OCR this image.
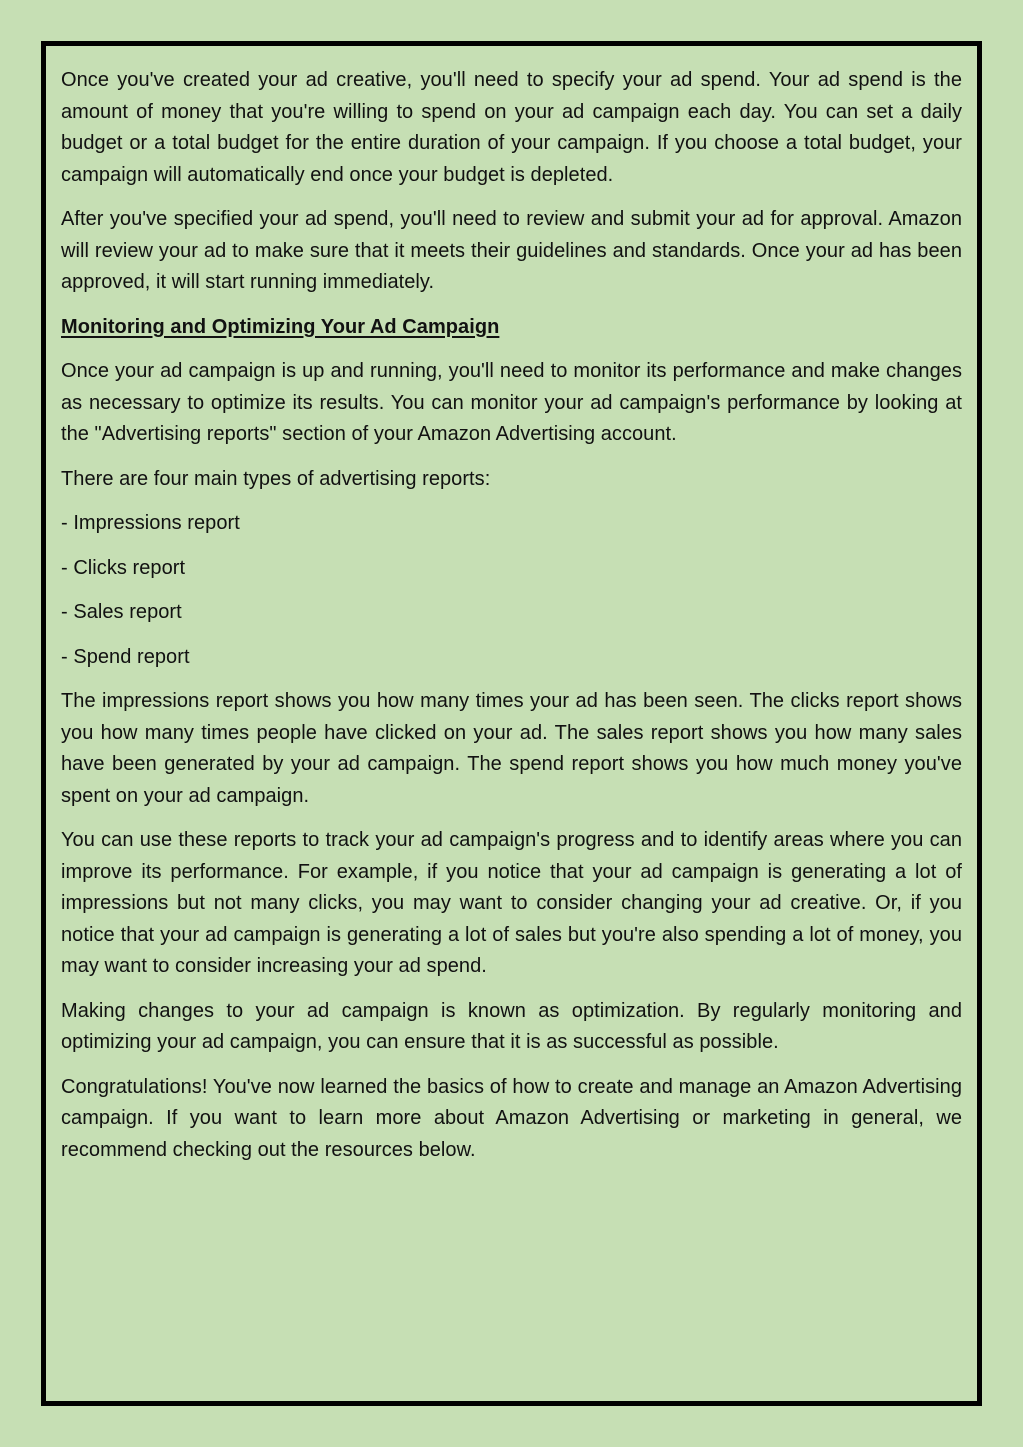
Once you've created your ad creative, you'll need to specify your ad spend. Your ad spend is the amount of money that you're willing to spend on your ad campaign each day. You can set a daily budget or a total budget for the entire duration of your campaign. If you choose a total budget, your campaign will automatically end once your budget is depleted.

After you've specified your ad spend, you'll need to review and submit your ad for approval. Amazon will review your ad to make sure that it meets their guidelines and standards. Once your ad has been approved, it will start running immediately.

Monitoring and Optimizing Your Ad Campaign

Once your ad campaign is up and running, you'll need to monitor its performance and make changes as necessary to optimize its results. You can monitor your ad campaign's performance by looking at the "Advertising reports" section of your Amazon Advertising account.

There are four main types of advertising reports:

- Impressions report

- Clicks report

- Sales report

- Spend report

The impressions report shows you how many times your ad has been seen. The clicks report shows you how many times people have clicked on your ad. The sales report shows you how many sales have been generated by your ad campaign. The spend report shows you how much money you've spent on your ad campaign.

You can use these reports to track your ad campaign's progress and to identify areas where you can improve its performance. For example, if you notice that your ad campaign is generating a lot of impressions but not many clicks, you may want to consider changing your ad creative. Or, if you notice that your ad campaign is generating a lot of sales but you're also spending a lot of money, you may want to consider increasing your ad spend.

Making changes to your ad campaign is known as optimization. By regularly monitoring and optimizing your ad campaign, you can ensure that it is as successful as possible.

Congratulations! You've now learned the basics of how to create and manage an Amazon Advertising campaign. If you want to learn more about Amazon Advertising or marketing in general, we recommend checking out the resources below.
